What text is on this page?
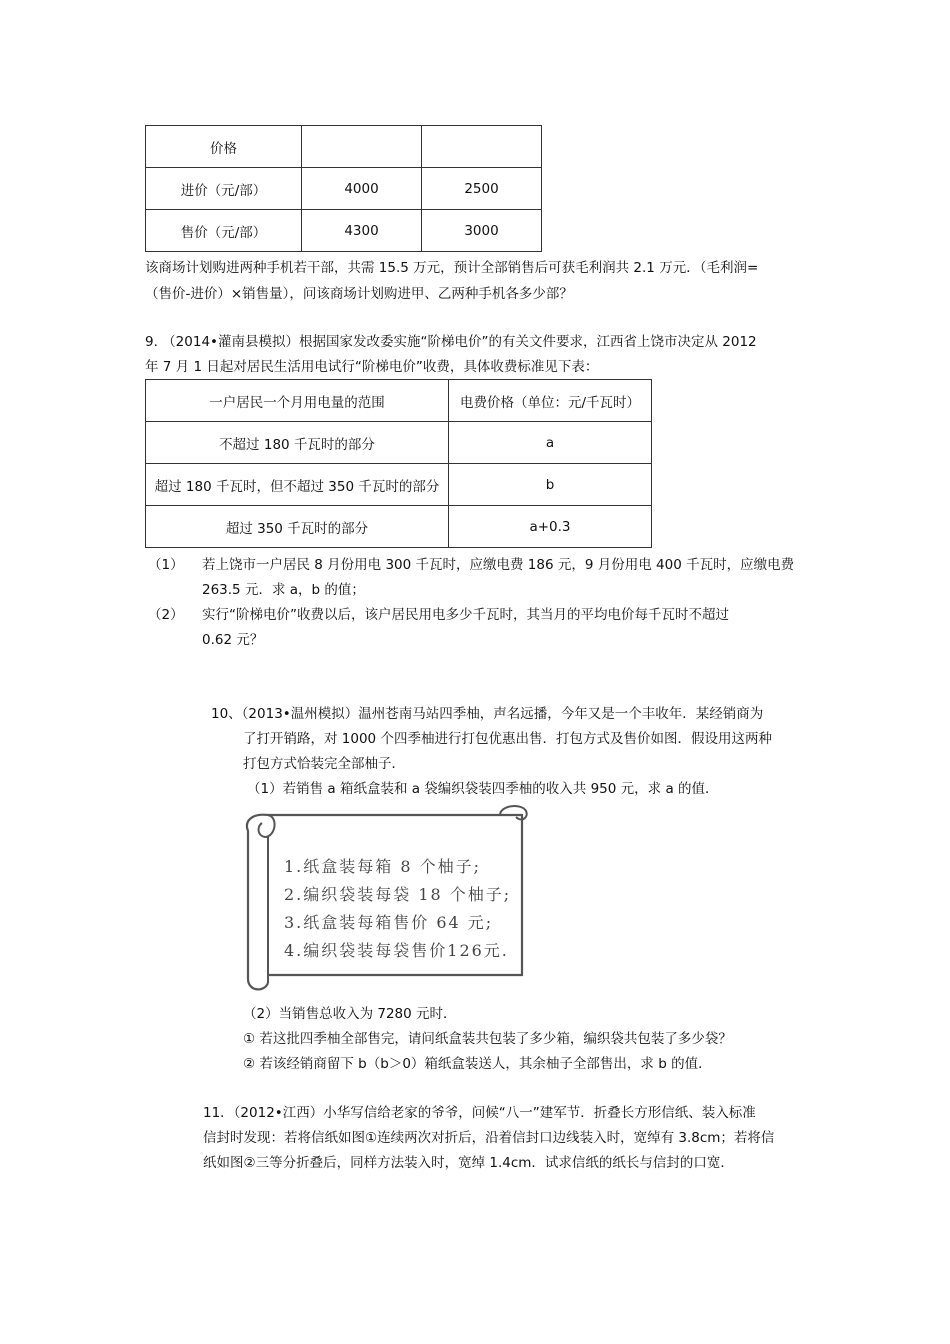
价格		
进价（元/部）	4000	2500
售价（元/部）	4300	3000
该商场计划购进两种手机若干部，共需 15.5 万元，预计全部销售后可获毛利润共 2.1 万元．（毛利润=
（售价-进价）×销售量），问该商场计划购进甲、乙两种手机各多少部？
9. （2014•灌南县模拟）根据国家发改委实施“阶梯电价”的有关文件要求，江西省上饶市决定从 2012
年 7 月 1 日起对居民生活用电试行“阶梯电价”收费，具体收费标准见下表：
一户居民一个月用电量的范围	电费价格（单位：元/千瓦时）
不超过 180 千瓦时的部分	a
超过 180 千瓦时，但不超过 350 千瓦时的部分	b
超过 350 千瓦时的部分	a+0.3
（1） 若上饶市一户居民 8 月份用电 300 千瓦时，应缴电费 186 元，9 月份用电 400 千瓦时，应缴电费
263.5 元．求 a，b 的值；
（2） 实行“阶梯电价”收费以后，该户居民用电多少千瓦时，其当月的平均电价每千瓦时不超过
0.62 元？
10、（2013•温州模拟）温州苍南马站四季柚，声名远播，今年又是一个丰收年．某经销商为
了打开销路，对 1000 个四季柚进行打包优惠出售．打包方式及售价如图．假设用这两种
打包方式恰装完全部柚子．
（1）若销售 a 箱纸盒装和 a 袋编织袋装四季柚的收入共 950 元，求 a 的值．
1.纸盒装每箱 8 个柚子;
2.编织袋装每袋 18 个柚子;
3.纸盒装每箱售价 64 元;
4.编织袋装每袋售价126元.
（2）当销售总收入为 7280 元时．
① 若这批四季柚全部售完，请问纸盒装共包装了多少箱，编织袋共包装了多少袋？
② 若该经销商留下 b（b＞0）箱纸盒装送人，其余柚子全部售出，求 b 的值．
11．（2012•江西）小华写信给老家的爷爷，问候“八一”建军节．折叠长方形信纸、装入标准
信封时发现：若将信纸如图①连续两次对折后，沿着信封口边线装入时，宽绰有 3.8cm；若将信
纸如图②三等分折叠后，同样方法装入时，宽绰 1.4cm．试求信纸的纸长与信封的口宽．
